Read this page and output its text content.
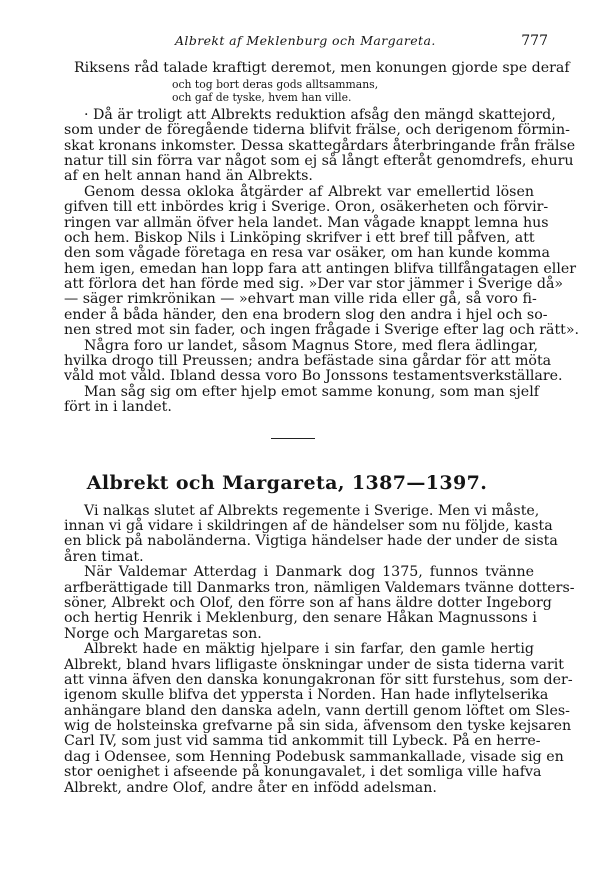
Albrekt af Meklenburg och Margareta.	777
Riksens råd talade kraftigt deremot, men konungen gjorde spe deraf
och tog bort deras gods alltsammans,
och gaf de tyske, hvem han ville.
· Då är troligt att Albrekts reduktion afsåg den mängd skattejord,
som under de föregående tiderna blifvit frälse, och derigenom förmin-
skat kronans inkomster. Dessa skattegårdars återbringande från frälse
natur till sin förra var något som ej så långt efteråt genomdrefs, ehuru
af en helt annan hand än Albrekts.
Genom dessa okloka åtgärder af Albrekt var emellertid lösen
gifven till ett inbördes krig i Sverige. Oron, osäkerheten och förvir-
ringen var allmän öfver hela landet. Man vågade knappt lemna hus
och hem. Biskop Nils i Linköping skrifver i ett bref till påfven, att
den som vågade företaga en resa var osäker, om han kunde komma
hem igen, emedan han lopp fara att antingen blifva tillfångatagen eller
att förlora det han förde med sig. »Der var stor jämmer i Sverige då»
— säger rimkrönikan — »ehvart man ville rida eller gå, så voro fi-
ender å båda händer, den ena brodern slog den andra i hjel och so-
nen stred mot sin fader, och ingen frågade i Sverige efter lag och rätt».
Några foro ur landet, såsom Magnus Store, med flera ädlingar,
hvilka drogo till Preussen; andra befästade sina gårdar för att möta
våld mot våld. Ibland dessa voro Bo Jonssons testamentsverkställare.
Man såg sig om efter hjelp emot samme konung, som man sjelf
fört in i landet.
Albrekt och Margareta, 1387—1397.
Vi nalkas slutet af Albrekts regemente i Sverige. Men vi måste,
innan vi gå vidare i skildringen af de händelser som nu följde, kasta
en blick på naboländerna. Vigtiga händelser hade der under de sista
åren timat.
När Valdemar Atterdag i Danmark dog 1375, funnos tvänne
arfberättigade till Danmarks tron, nämligen Valdemars tvänne dotters-
söner, Albrekt och Olof, den förre son af hans äldre dotter Ingeborg
och hertig Henrik i Meklenburg, den senare Håkan Magnussons i
Norge och Margaretas son.
Albrekt hade en mäktig hjelpare i sin farfar, den gamle hertig
Albrekt, bland hvars lifligaste önskningar under de sista tiderna varit
att vinna äfven den danska konungakronan för sitt furstehus, som der-
igenom skulle blifva det yppersta i Norden. Han hade inflytelserika
anhängare bland den danska adeln, vann dertill genom löftet om Sles-
wig de holsteinska grefvarne på sin sida, äfvensom den tyske kejsaren
Carl IV, som just vid samma tid ankommit till Lybeck. På en herre-
dag i Odensee, som Henning Podebusk sammankallade, visade sig en
stor oenighet i afseende på konungavalet, i det somliga ville hafva
Albrekt, andre Olof, andre åter en infödd adelsman.
